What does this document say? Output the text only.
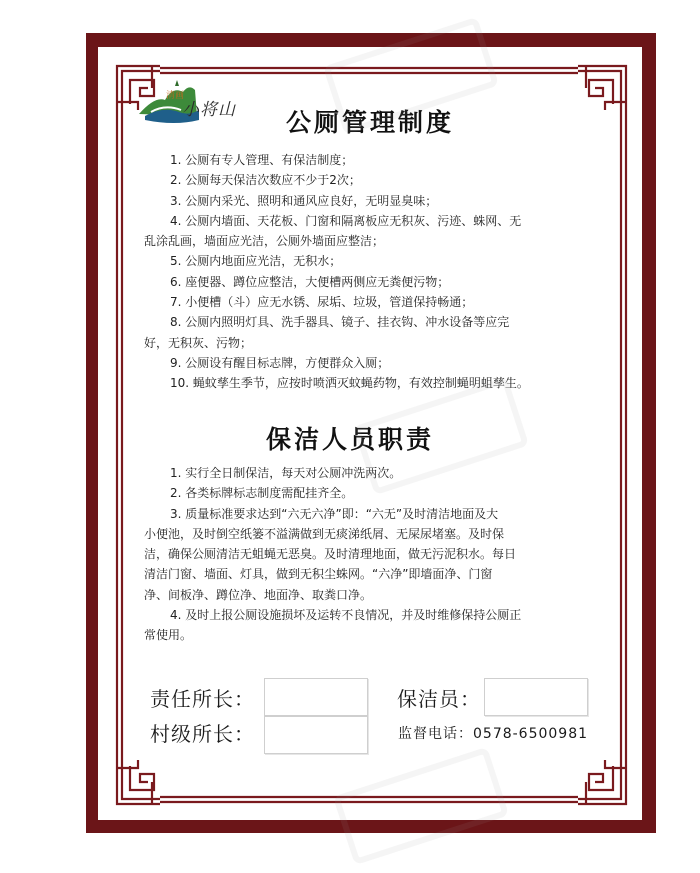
清画
小将山	公厕管理制度

1. 公厕有专人管理、有保洁制度；

2. 公厕每天保洁次数应不少于2次；

3. 公厕内采光、照明和通风应良好，无明显臭味；

4. 公厕内墙面、天花板、门窗和隔离板应无积灰、污迹、蛛网、无

乱涂乱画，墙面应光洁，公厕外墙面应整洁；

5. 公厕内地面应光洁，无积水；

6. 座便器、蹲位应整洁，大便槽两侧应无粪便污物；

7. 小便槽（斗）应无水锈、尿垢、垃圾，管道保持畅通；

8. 公厕内照明灯具、洗手器具、镜子、挂衣钩、冲水设备等应完

好，无积灰、污物；

9. 公厕设有醒目标志牌，方便群众入厕；

10. 蝇蚊孳生季节，应按时喷洒灭蚊蝇药物，有效控制蝇明蛆孳生。

保洁人员职责

1. 实行全日制保洁，每天对公厕冲洗两次。

2. 各类标牌标志制度需配挂齐全。

3. 质量标准要求达到“六无六净”即：“六无”及时清洁地面及大

小便池，及时倒空纸篓不溢满做到无痰涕纸屑、无屎尿堵塞。及时保

洁，确保公厕清洁无蛆蝇无恶臭。及时清理地面，做无污泥积水。每日

清洁门窗、墙面、灯具，做到无积尘蛛网。“六净”即墙面净、门窗

净、间板净、蹲位净、地面净、取粪口净。

4. 及时上报公厕设施损坏及运转不良情况，并及时维修保持公厕正

常使用。

责任所长：	保洁员：
村级所长：	监督电话：0578-6500981
